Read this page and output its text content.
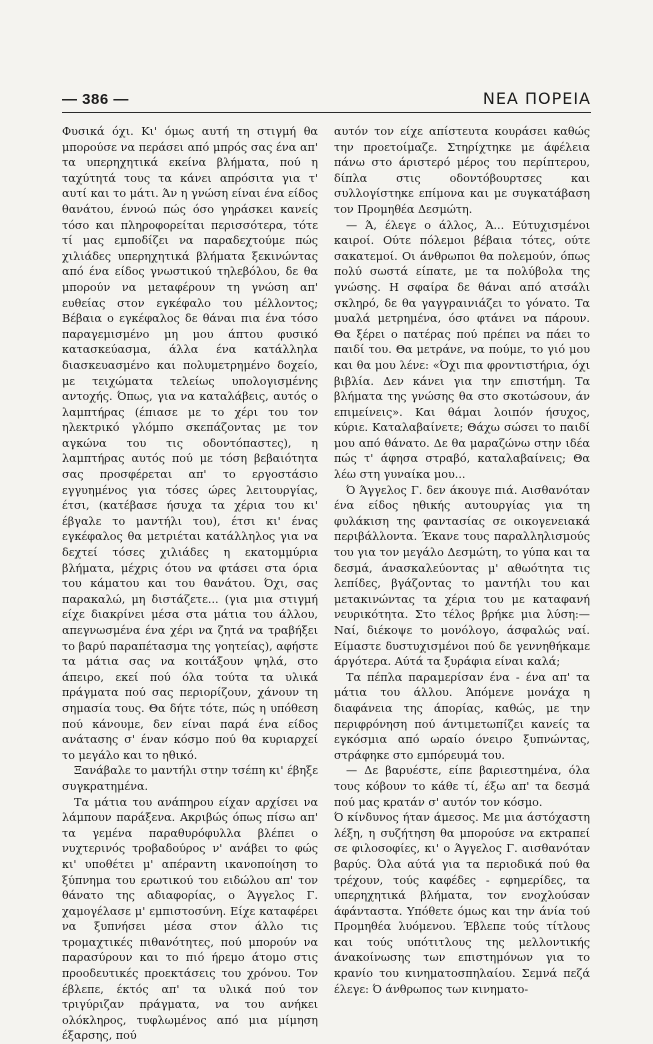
— 386 —	ΝΕΑ ΠΟΡΕΙΑ

Φυσικά όχι. Κι' όμως αυτή τη στιγμή θα μπορούσε να περάσει από μπρός σας ένα απ' τα υπερηχητικά εκείνα βλήματα, πού η ταχύτητά τους τα κάνει απρόσιτα για τ' αυτί και το μάτι. Άν η γνώση είναι ένα είδος θανάτου, έννοώ πώς όσο γηράσκει κανείς τόσο και πληροφορείται περισσότερα, τότε τί μας εμποδίζει να παραδεχτούμε πώς χιλιάδες υπερηχητικά βλήματα ξεκινώντας από ένα είδος γνωστικού τηλεβόλου, δε θα μπορούν να μεταφέρουν τη γνώση απ' ευθείας στον εγκέφαλο του μέλλοντος; Βέβαια ο εγκέφαλος δε θάναι πια ένα τόσο παραγεμισμένο μη μου άπτου φυσικό κατασκεύασμα, άλλα ένα κατάλληλα διασκευασμένο και πολυμετρημένο δοχείο, με τειχώματα τελείως υπολογισμένης αντοχής. Όπως, για να καταλάβεις, αυτός ο λαμπτήρας (έπιασε με το χέρι του τον ηλεκτρικό γλόμπο σκεπάζοντας με τον αγκώνα του τις οδοντόπαστες), η λαμπτήρας αυτός πού με τόση βεβαιότητα σας προσφέρεται απ' το εργοστάσιο εγγυημένος για τόσες ώρες λειτουργίας, έτσι, (κατέβασε ήσυχα τα χέρια του κι' έβγαλε το μαντήλι του), έτσι κι' ένας εγκέφαλος θα μετριέται κατάλληλος για να δεχτεί τόσες χιλιάδες η εκατομμύρια βλήματα, μέχρις ότου να φτάσει στα όρια του κάματου και του θανάτου. Όχι, σας παρακαλώ, μη διστάζετε... (για μια στιγμή είχε διακρίνει μέσα στα μάτια του άλλου, απεγνωσμένα ένα χέρι να ζητά να τραβήξει το βαρύ παραπέτασμα της γοητείας), αφήστε τα μάτια σας να κοιτάξουν ψηλά, στο άπειρο, εκεί πού όλα τούτα τα υλικά πράγματα πού σας περιορίζουν, χάνουν τη σημασία τους. Θα δήτε τότε, πώς η υπόθεση πού κάνουμε, δεν είναι παρά ένα είδος ανάτασης σ' έναν κόσμο πού θα κυριαρχεί το μεγάλο και το ηθικό.

Ξανάβαλε το μαντήλι στην τσέπη κι' έβηξε συγκρατημένα.

Τα μάτια του ανάπηρου είχαν αρχίσει να λάμπουν παράξενα. Ακριβώς όπως πίσω απ' τα γεμένα παραθυρόφυλλα βλέπει ο νυχτερινός τροβαδούρος ν' ανάβει το φώς κι' υποθέτει μ' απέραντη ικανοποίηση το ξύπνημα του ερωτικού του ειδώλου απ' τον θάνατο της αδιαφορίας, ο Άγγελος Γ. χαμογέλασε μ' εμπιστοσύνη. Είχε καταφέρει να ξυπνήσει μέσα στον άλλο τις τρομαχτικές πιθανότητες, πού μπορούν να παρασύρουν και το πιό ήρεμο άτομο στις προοδευτικές προεκτάσεις του χρόνου. Τον έβλεπε, έκτός απ' τα υλικά πού τον τριγύριζαν πράγματα, να του ανήκει ολόκληρος, τυφλωμένος από μια μίμηση έξαρσης, πού

αυτόν τον είχε απίστευτα κουράσει καθώς την προετοίμαζε. Στηρίχτηκε με άφέλεια πάνω στο άριστερό μέρος του περίπτερου, δίπλα στις οδοντόβουρτσες και συλλογίστηκε επίμονα και με συγκατάβαση τον Προμηθέα Δεσμώτη.

— Ά, έλεγε ο άλλος, Ά... Εύτυχισμένοι καιροί. Ούτε πόλεμοι βέβαια τότες, ούτε σακατεμοί. Οι άνθρωποι θα πολεμούν, όπως πολύ σωστά είπατε, με τα πολύβολα της γνώσης. Η σφαίρα δε θάναι από ατσάλι σκληρό, δε θα γαγγραινιάζει το γόνατο. Τα μυαλά μετρημένα, όσο φτάνει να πάρουν. Θα ξέρει ο πατέρας πού πρέπει να πάει το παιδί του. Θα μετράνε, να πούμε, το γιό μου και θα μου λένε: «Όχι πια φροντιστήρια, όχι βιβλία. Δεν κάνει για την επιστήμη. Τα βλήματα της γνώσης θα στο σκοτώσουν, άν επιμείνεις». Και θάμαι λοιπόν ήσυχος, κύριε. Καταλαβαίνετε; Θάχω σώσει το παιδί μου από θάνατο. Δε θα μαραζώνω στην ιδέα πώς τ' άφησα στραβό, καταλαβαίνεις; Θα λέω στη γυναίκα μου...

Ό Άγγελος Γ. δεν άκουγε πιά. Αισθανόταν ένα είδος ηθικής αυτουργίας για τη φυλάκιση της φαντασίας σε οικογενειακά περιβάλλοντα. Έκανε τους παραλληλισμούς του για τον μεγάλο Δεσμώτη, το γύπα και τα δεσμά, άνασκαλεύοντας μ' αθωότητα τις λεπίδες, βγάζοντας το μαντήλι του και μετακινώντας τα χέρια του με καταφανή νευρικότητα. Στο τέλος βρήκε μια λύση:—Ναί, διέκοψε το μονόλογο, άσφαλώς ναί. Είμαστε δυστυχισμένοι πού δε γεννηθήκαμε άργότερα. Αύτά τα ξυράφια είναι καλά;

Τα πέπλα παραμερίσαν ένα - ένα απ' τα μάτια του άλλου. Άπόμενε μονάχα η διαφάνεια της άπορίας, καθώς, με την περιφρόνηση πού άντιμετωπίζει κανείς τα εγκόσμια από ωραίο όνειρο ξυπνώντας, στράφηκε στο εμπόρευμά του.

— Δε βαρυέστε, είπε βαριεστημένα, όλα τους κόβουν το κάθε τί, έξω απ' τα δεσμά πού μας κρατάν σ' αυτόν τον κόσμο.

Ό κίνδυνος ήταν άμεσος. Με μια άστόχαστη λέξη, η συζήτηση θα μπορούσε να εκτραπεί σε φιλοσοφίες, κι' ο Άγγελος Γ. αισθανόταν βαρύς. Όλα αύτά για τα περιοδικά πού θα τρέχουν, τούς καφέδες - εφημερίδες, τα υπερηχητικά βλήματα, τον ενοχλούσαν άφάνταστα. Υπόθετε όμως και την άνία τού Προμηθέα λυόμενου. Έβλεπε τούς τίτλους και τούς υπότιτλους της μελλοντικής άνακοίνωσης των επιστημόνων για το κρανίο του κινηματοσπηλαίου. Σεμνά πεζά έλεγε: Ό άνθρωπος των κινηματο-
